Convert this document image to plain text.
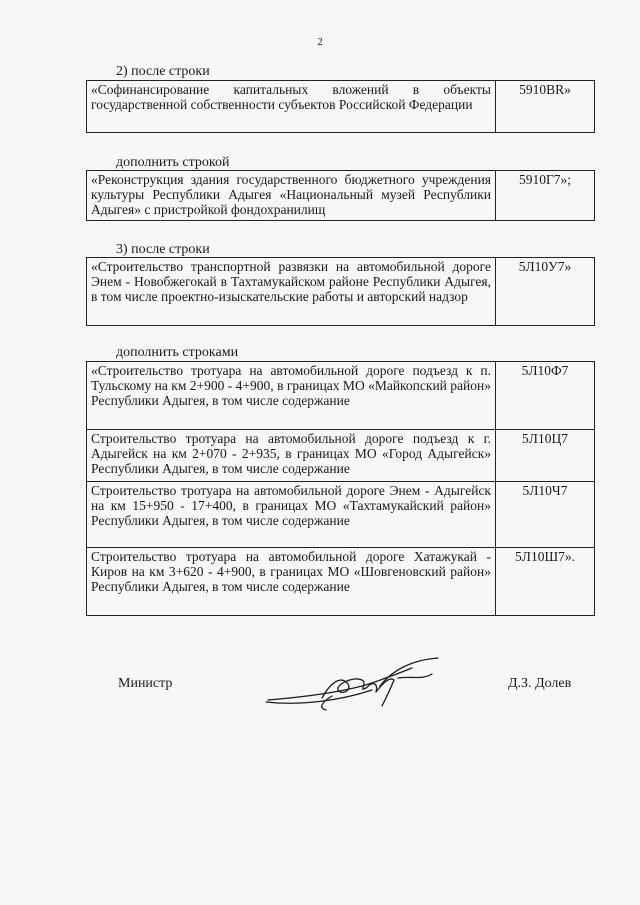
2
2) после строки
«Софинансирование капитальных вложений в объекты государственной собственности субъектов Российской Федерации	5910BR»
дополнить строкой
«Реконструкция здания государственного бюджетного учреждения культуры Республики Адыгея «Национальный музей Республики Адыгея» с пристройкой фондохранилищ	5910Г7»;
3) после строки
«Строительство транспортной развязки на автомобильной дороге Энем - Новобжегокай в Тахтамукайском районе Республики Адыгея, в том числе проектно-изыскательские работы и авторский надзор	5Л10У7»
дополнить строками
«Строительство тротуара на автомобильной дороге подъезд к п. Тульскому на км 2+900 - 4+900, в границах МО «Майкопский район» Республики Адыгея, в том числе содержание	5Л10Ф7
Строительство тротуара на автомобильной дороге подъезд к г. Адыгейск на км 2+070 - 2+935, в границах МО «Город Адыгейск» Республики Адыгея, в том числе содержание	5Л10Ц7
Строительство тротуара на автомобильной дороге Энем - Адыгейск на км 15+950 - 17+400, в границах МО «Тахтамукайский район» Республики Адыгея, в том числе содержание	5Л10Ч7
Строительство тротуара на автомобильной дороге Хатажукай - Киров на км 3+620 - 4+900, в границах МО «Шовгеновский район» Республики Адыгея, в том числе содержание	5Л10Ш7».
Министр	Д.З. Долев
